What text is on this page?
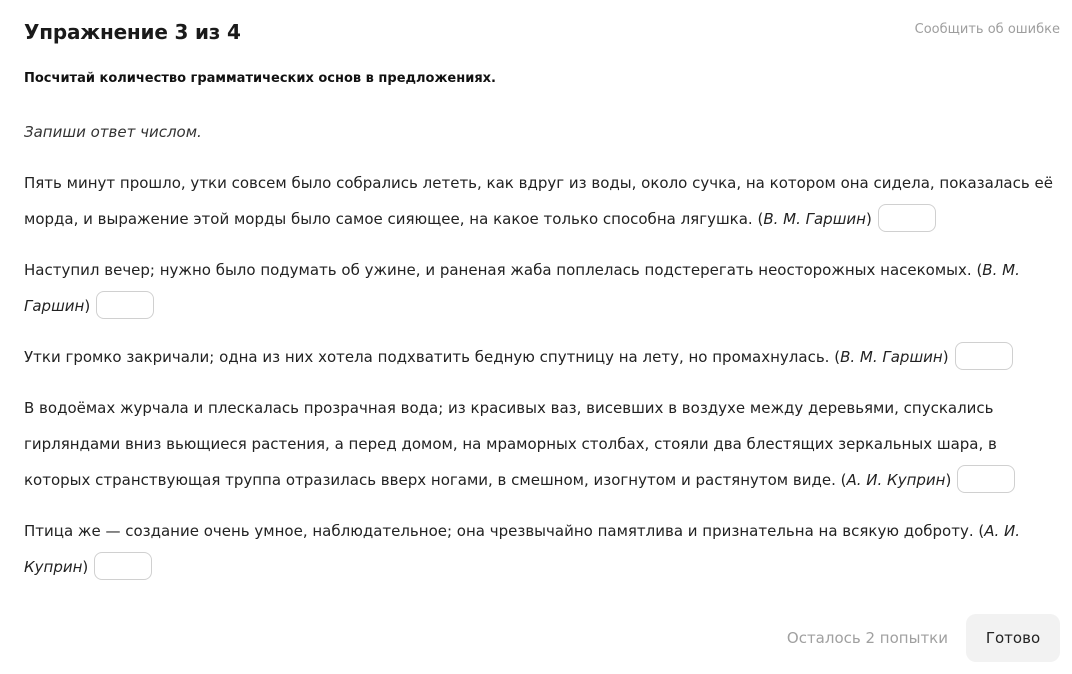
Упражнение 3 из 4	Сообщить об ошибке
Посчитай количество грамматических основ в предложениях.
Запиши ответ числом.
Пять минут прошло, утки совсем было собрались лететь, как вдруг из воды, около сучка, на котором она сидела, показалась её морда, и выражение этой морды было самое сияющее, на какое только способна лягушка. (В. М. Гаршин)
Наступил вечер; нужно было подумать об ужине, и раненая жаба поплелась подстерегать неосторожных насекомых. (В. М. Гаршин)
Утки громко закричали; одна из них хотела подхватить бедную спутницу на лету, но промахнулась. (В. М. Гаршин)
В водоёмах журчала и плескалась прозрачная вода; из красивых ваз, висевших в воздухе между деревьями, спускались гирляндами вниз вьющиеся растения, а перед домом, на мраморных столбах, стояли два блестящих зеркальных шара, в которых странствующая труппа отразилась вверх ногами, в смешном, изогнутом и растянутом виде. (А. И. Куприн)
Птица же — создание очень умное, наблюдательное; она чрезвычайно памятлива и признательна на всякую доброту. (А. И. Куприн)
Осталось 2 попытки	Готово
